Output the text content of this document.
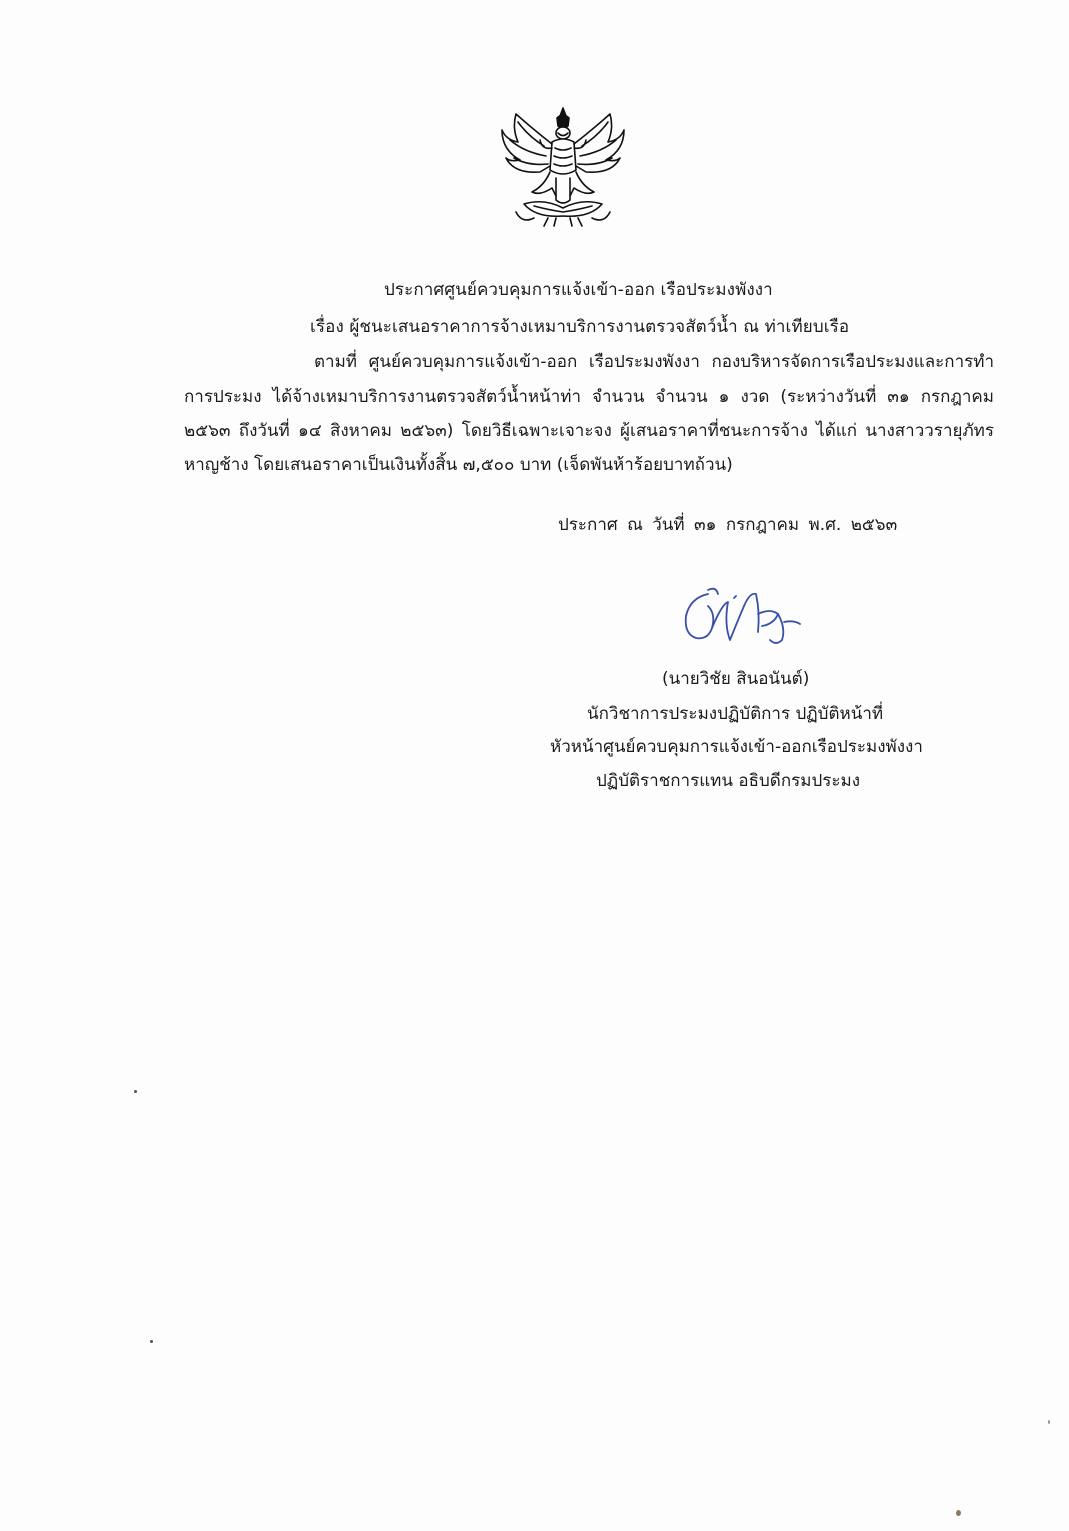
ประกาศศูนย์ควบคุมการแจ้งเข้า-ออก เรือประมงพังงา
เรื่อง ผู้ชนะเสนอราคาการจ้างเหมาบริการงานตรวจสัตว์น้ำ ณ ท่าเทียบเรือ
ตามที่ ศูนย์ควบคุมการแจ้งเข้า-ออก เรือประมงพังงา กองบริหารจัดการเรือประมงและการทำ
การประมง ได้จ้างเหมาบริการงานตรวจสัตว์น้ำหน้าท่า จำนวน จำนวน ๑ งวด (ระหว่างวันที่ ๓๑ กรกฎาคม
๒๕๖๓ ถึงวันที่ ๑๔ สิงหาคม ๒๕๖๓) โดยวิธีเฉพาะเจาะจง ผู้เสนอราคาที่ชนะการจ้าง ได้แก่ นางสาววรายุภัทร
หาญช้าง โดยเสนอราคาเป็นเงินทั้งสิ้น ๗,๕๐๐ บาท (เจ็ดพันห้าร้อยบาทถ้วน)
ประกาศ ณ วันที่ ๓๑ กรกฎาคม พ.ศ. ๒๕๖๓
(นายวิชัย สินอนันต์)
นักวิชาการประมงปฏิบัติการ ปฏิบัติหน้าที่
หัวหน้าศูนย์ควบคุมการแจ้งเข้า-ออกเรือประมงพังงา
ปฏิบัติราชการแทน อธิบดีกรมประมง
